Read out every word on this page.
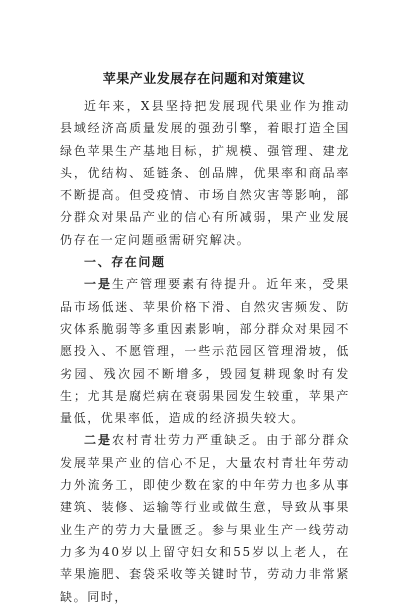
苹果产业发展存在问题和对策建议

近年来，X县坚持把发展现代果业作为推动县域经济高质量发展的强劲引擎，着眼打造全国绿色苹果生产基地目标，扩规模、强管理、建龙头，优结构、延链条、创品牌，优果率和商品率不断提高。但受疫情、市场自然灾害等影响，部分群众对果品产业的信心有所减弱，果产业发展仍存在一定问题亟需研究解决。

一、存在问题

一是生产管理要素有待提升。近年来，受果品市场低迷、苹果价格下滑、自然灾害频发、防灾体系脆弱等多重因素影响，部分群众对果园不愿投入、不愿管理，一些示范园区管理滑坡，低劣园、残次园不断增多，毁园复耕现象时有发生；尤其是腐烂病在衰弱果园发生较重，苹果产量低，优果率低，造成的经济损失较大。

二是农村青壮劳力严重缺乏。由于部分群众发展苹果产业的信心不足，大量农村青壮年劳动力外流务工，即使少数在家的中年劳力也多从事建筑、装修、运输等行业或做生意，导致从事果业生产的劳力大量匮乏。参与果业生产一线劳动力多为40岁以上留守妇女和55岁以上老人，在苹果施肥、套袋采收等关键时节，劳动力非常紧缺。同时，
